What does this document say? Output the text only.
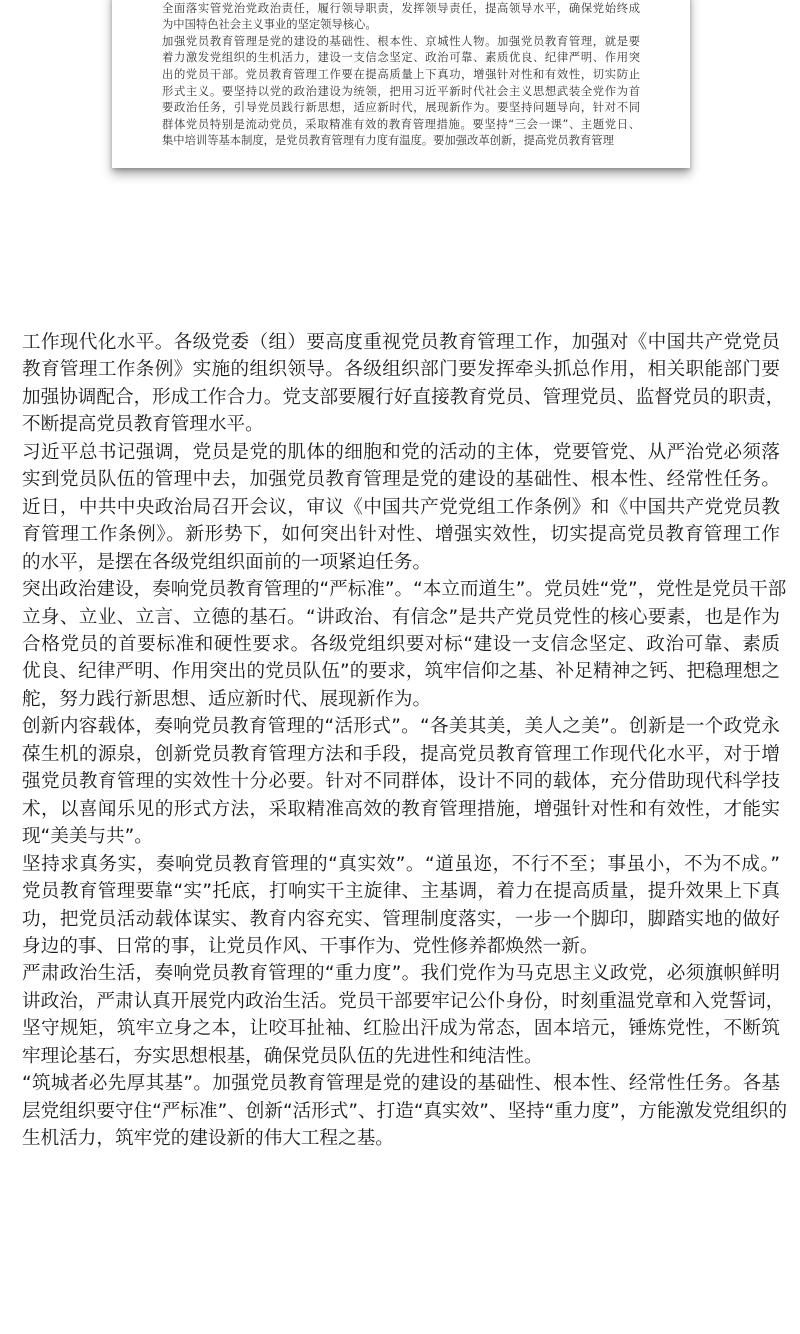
全面落实管党治党政治责任，履行领导职责，发挥领导责任，提高领导水平，确保党始终成
为中国特色社会主义事业的坚定领导核心。
加强党员教育管理是党的建设的基础性、根本性、京城性人物。加强党员教育管理，就是要
着力激发党组织的生机活力，建设一支信念坚定、政治可靠、素质优良、纪律严明、作用突
出的党员干部。党员教育管理工作要在提高质量上下真功，增强针对性和有效性，切实防止
形式主义。要坚持以党的政治建设为统领，把用习近平新时代社会主义思想武装全党作为首
要政治任务，引导党员践行新思想，适应新时代，展现新作为。要坚持问题导向，针对不同
群体党员特别是流动党员，采取精准有效的教育管理措施。要坚持“三会一课”、主题党日、
集中培训等基本制度，是党员教育管理有力度有温度。要加强改革创新，提高党员教育管理
工作现代化水平。各级党委（组）要高度重视党员教育管理工作，加强对《中国共产党党员
教育管理工作条例》实施的组织领导。各级组织部门要发挥牵头抓总作用，相关职能部门要
加强协调配合，形成工作合力。党支部要履行好直接教育党员、管理党员、监督党员的职责，
不断提高党员教育管理水平。
习近平总书记强调，党员是党的肌体的细胞和党的活动的主体，党要管党、从严治党必须落
实到党员队伍的管理中去，加强党员教育管理是党的建设的基础性、根本性、经常性任务。
近日，中共中央政治局召开会议，审议《中国共产党党组工作条例》和《中国共产党党员教
育管理工作条例》。新形势下，如何突出针对性、增强实效性，切实提高党员教育管理工作
的水平，是摆在各级党组织面前的一项紧迫任务。
突出政治建设，奏响党员教育管理的“严标准”。“本立而道生”。党员姓“党”，党性是党员干部
立身、立业、立言、立德的基石。“讲政治、有信念”是共产党员党性的核心要素，也是作为
合格党员的首要标准和硬性要求。各级党组织要对标“建设一支信念坚定、政治可靠、素质
优良、纪律严明、作用突出的党员队伍”的要求，筑牢信仰之基、补足精神之钙、把稳理想之
舵，努力践行新思想、适应新时代、展现新作为。
创新内容载体，奏响党员教育管理的“活形式”。“各美其美，美人之美”。创新是一个政党永
葆生机的源泉，创新党员教育管理方法和手段，提高党员教育管理工作现代化水平，对于增
强党员教育管理的实效性十分必要。针对不同群体，设计不同的载体，充分借助现代科学技
术，以喜闻乐见的形式方法，采取精准高效的教育管理措施，增强针对性和有效性，才能实
现“美美与共”。
坚持求真务实，奏响党员教育管理的“真实效”。“道虽迩，不行不至；事虽小，不为不成。”
党员教育管理要靠“实”托底，打响实干主旋律、主基调，着力在提高质量，提升效果上下真
功，把党员活动载体谋实、教育内容充实、管理制度落实，一步一个脚印，脚踏实地的做好
身边的事、日常的事，让党员作风、干事作为、党性修养都焕然一新。
严肃政治生活，奏响党员教育管理的“重力度”。我们党作为马克思主义政党，必须旗帜鲜明
讲政治，严肃认真开展党内政治生活。党员干部要牢记公仆身份，时刻重温党章和入党誓词，
坚守规矩，筑牢立身之本，让咬耳扯袖、红脸出汗成为常态，固本培元，锤炼党性，不断筑
牢理论基石，夯实思想根基，确保党员队伍的先进性和纯洁性。
“筑城者必先厚其基”。加强党员教育管理是党的建设的基础性、根本性、经常性任务。各基
层党组织要守住“严标准”、创新“活形式”、打造“真实效”、坚持“重力度”，方能激发党组织的
生机活力，筑牢党的建设新的伟大工程之基。
